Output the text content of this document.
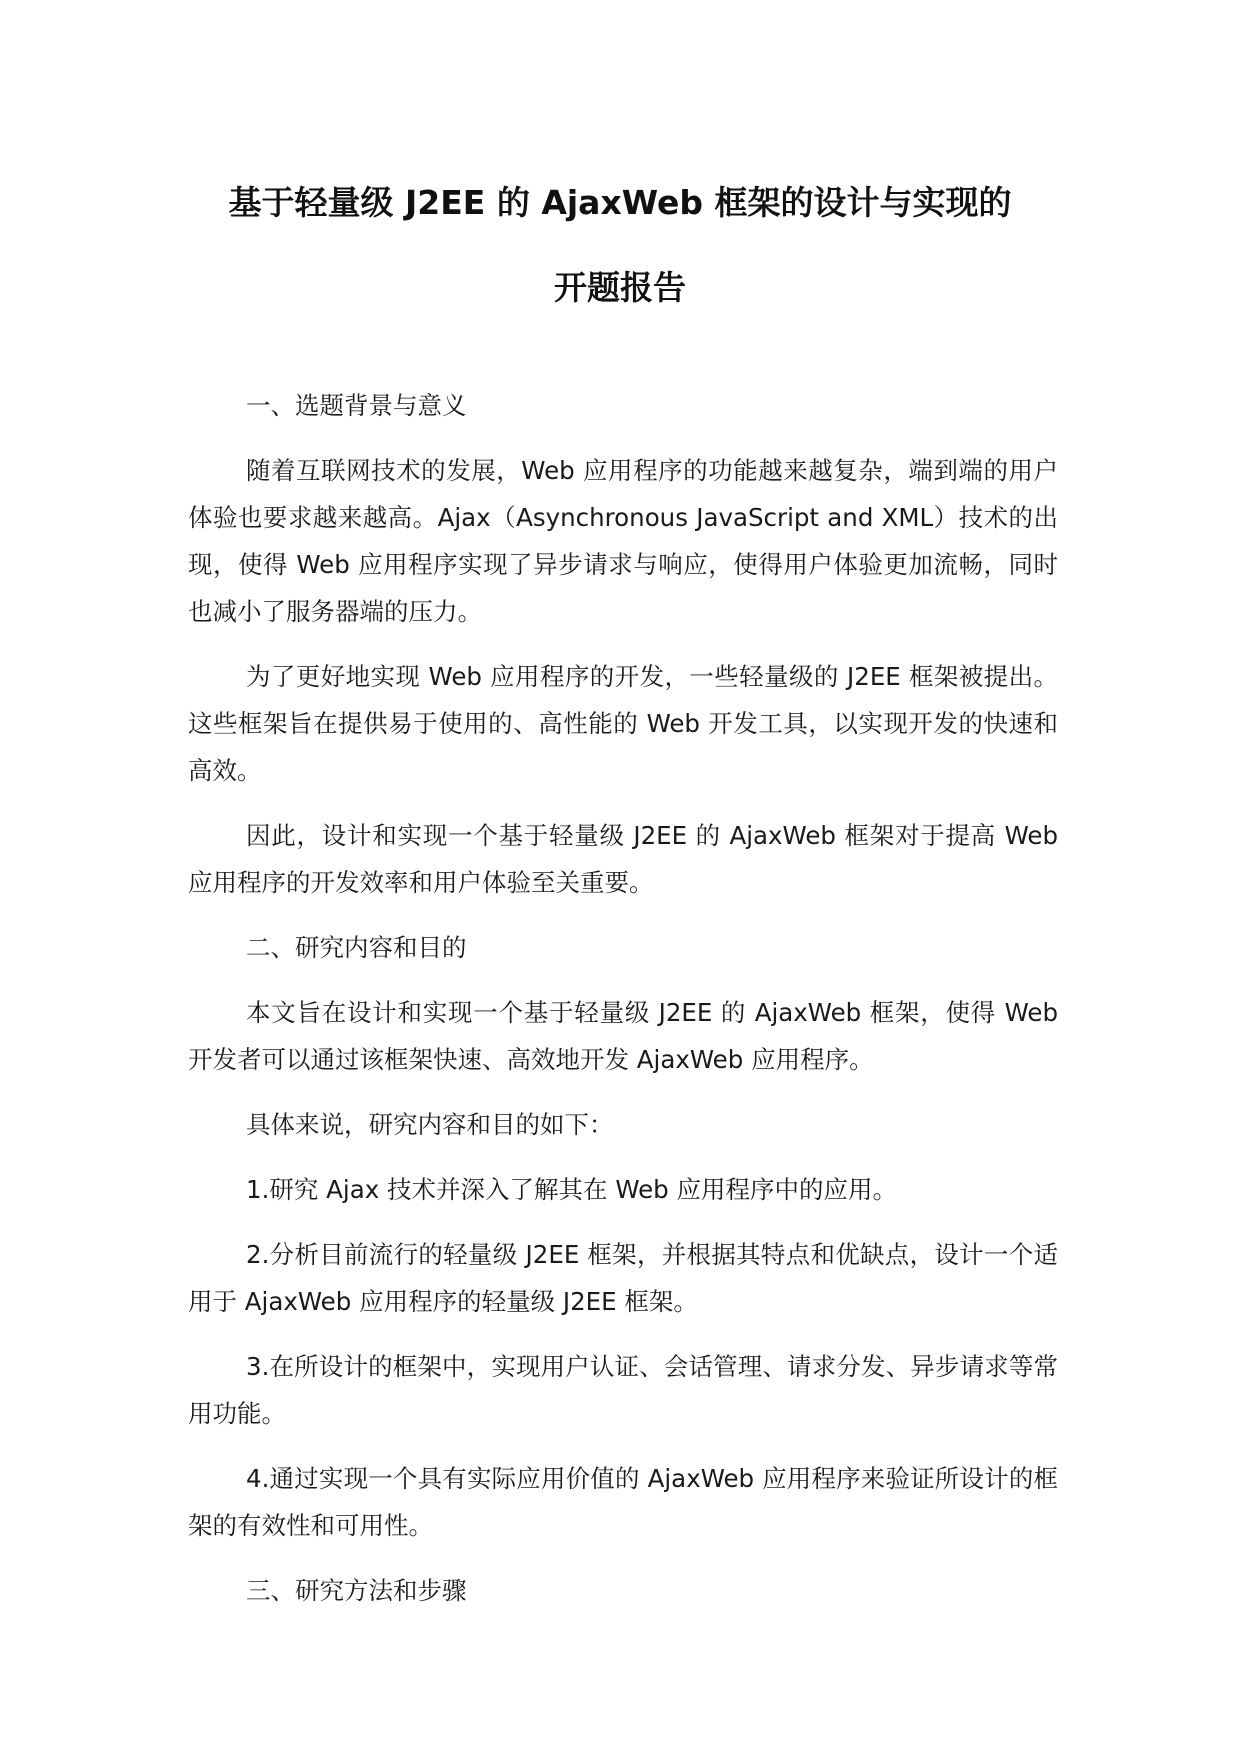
基于轻量级 J2EE 的 AjaxWeb 框架的设计与实现的
开题报告

一、选题背景与意义

随着互联网技术的发展，Web 应用程序的功能越来越复杂，端到端的用户体验也要求越来越高。Ajax（Asynchronous JavaScript and XML）技术的出现，使得 Web 应用程序实现了异步请求与响应，使得用户体验更加流畅，同时也减小了服务器端的压力。

为了更好地实现 Web 应用程序的开发，一些轻量级的 J2EE 框架被提出。这些框架旨在提供易于使用的、高性能的 Web 开发工具，以实现开发的快速和高效。

因此，设计和实现一个基于轻量级 J2EE 的 AjaxWeb 框架对于提高 Web 应用程序的开发效率和用户体验至关重要。

二、研究内容和目的

本文旨在设计和实现一个基于轻量级 J2EE 的 AjaxWeb 框架，使得 Web 开发者可以通过该框架快速、高效地开发 AjaxWeb 应用程序。

具体来说，研究内容和目的如下：

1.研究 Ajax 技术并深入了解其在 Web 应用程序中的应用。

2.分析目前流行的轻量级 J2EE 框架，并根据其特点和优缺点，设计一个适用于 AjaxWeb 应用程序的轻量级 J2EE 框架。

3.在所设计的框架中，实现用户认证、会话管理、请求分发、异步请求等常用功能。

4.通过实现一个具有实际应用价值的 AjaxWeb 应用程序来验证所设计的框架的有效性和可用性。

三、研究方法和步骤
